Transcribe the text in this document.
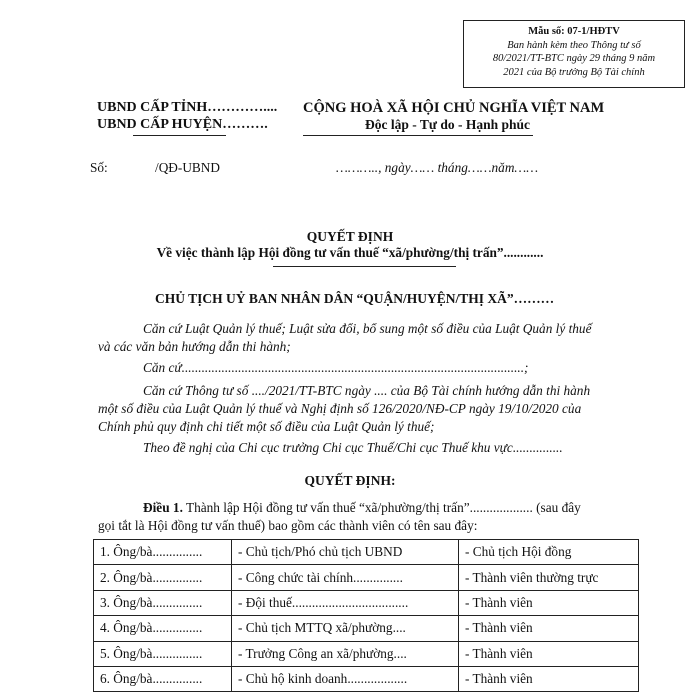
Mẫu số: 07-1/HĐTV
Ban hành kèm theo Thông tư số
80/2021/TT-BTC ngày 29 tháng 9 năm
2021 của Bộ trưởng Bộ Tài chính
UBND CẤP TỈNH…………....
UBND CẤP HUYỆN……….
CỘNG HOÀ XÃ HỘI CHỦ NGHĨA VIỆT NAM
Độc lập - Tự do - Hạnh phúc
Số:	/QĐ-UBND	……….., ngày…… tháng……năm……
QUYẾT ĐỊNH
Về việc thành lập Hội đồng tư vấn thuế “xã/phường/thị trấn”............
CHỦ TỊCH UỶ BAN NHÂN DÂN “QUẬN/HUYỆN/THỊ XÃ”………
Căn cứ Luật Quản lý thuế; Luật sửa đổi, bổ sung một số điều của Luật Quản lý thuế
và các văn bản hướng dẫn thi hành;
Căn cứ.......................................................................................................;
Căn cứ Thông tư số ..../2021/TT-BTC ngày .... của Bộ Tài chính hướng dẫn thi hành
một số điều của Luật Quản lý thuế và Nghị định số 126/2020/NĐ-CP ngày 19/10/2020 của
Chính phủ quy định chi tiết một số điều của Luật Quản lý thuế;
Theo đề nghị của Chi cục trưởng Chi cục Thuế/Chi cục Thuế khu vực...............
QUYẾT ĐỊNH:
Điều 1. Thành lập Hội đồng tư vấn thuế “xã/phường/thị trấn”................... (sau đây
gọi tắt là Hội đồng tư vấn thuế) bao gồm các thành viên có tên sau đây:
1. Ông/bà...............	- Chủ tịch/Phó chủ tịch UBND	- Chủ tịch Hội đồng
2. Ông/bà...............	- Công chức tài chính...............	- Thành viên thường trực
3. Ông/bà...............	- Đội thuế...................................	- Thành viên
4. Ông/bà...............	- Chủ tịch MTTQ xã/phường....	- Thành viên
5. Ông/bà...............	- Trưởng Công an xã/phường....	- Thành viên
6. Ông/bà...............	- Chủ hộ kinh doanh..................	- Thành viên
